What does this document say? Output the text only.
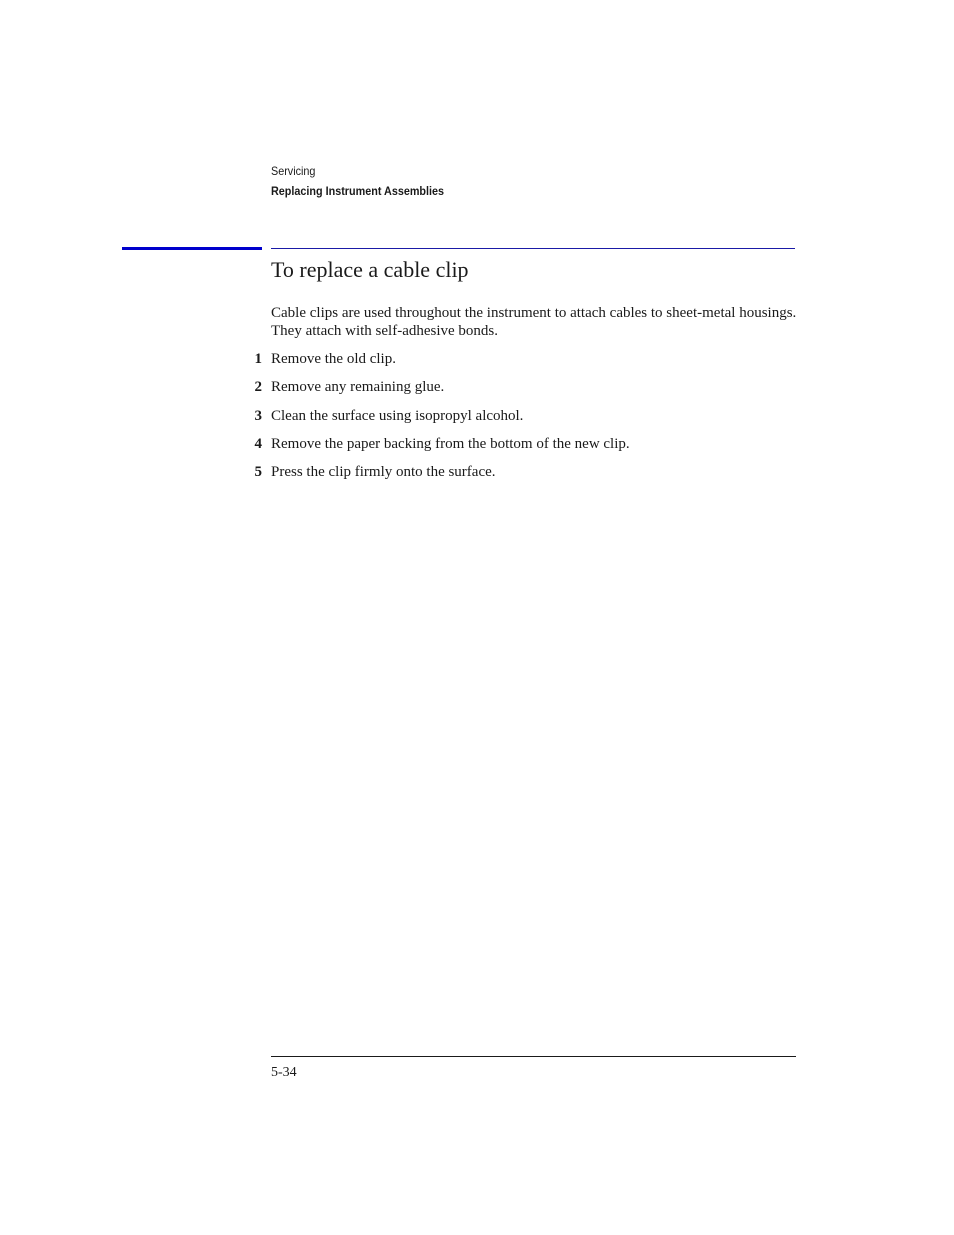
Servicing
Replacing Instrument Assemblies
To replace a cable clip

Cable clips are used throughout the instrument to attach cables to sheet-metal housings. They attach with self-adhesive bonds.

1 Remove the old clip.
2 Remove any remaining glue.
3 Clean the surface using isopropyl alcohol.
4 Remove the paper backing from the bottom of the new clip.
5 Press the clip firmly onto the surface.
5-34
